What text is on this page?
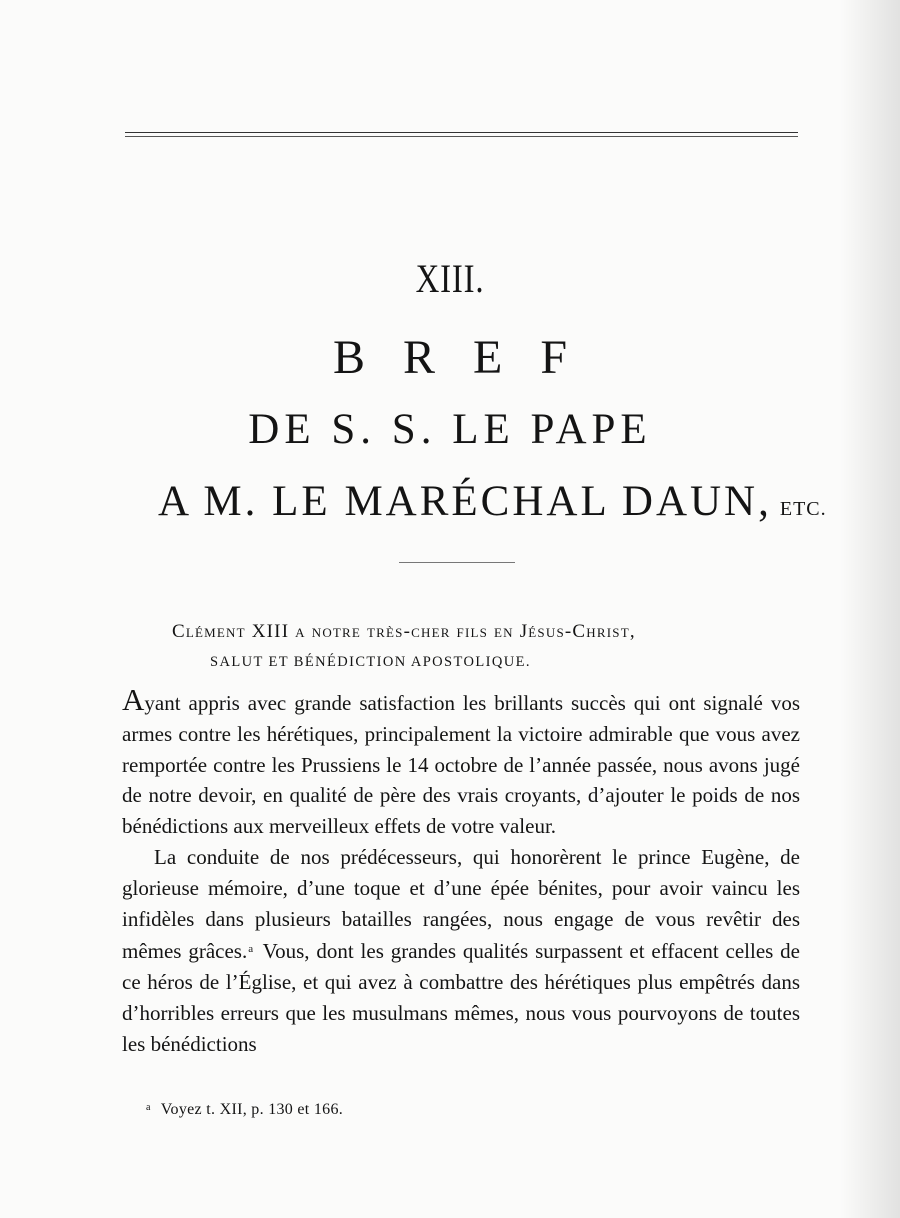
XIII.
BREF
DE S. S. LE PAPE
A M. LE MARÉCHAL DAUN, ETC.
Clément XIII a notre très-cher fils en Jésus-Christ,
SALUT ET BÉNÉDICTION APOSTOLIQUE.

Ayant appris avec grande satisfaction les brillants succès qui ont signalé vos armes contre les hérétiques, principalement la victoire admirable que vous avez remportée contre les Prussiens le 14 octobre de l’année passée, nous avons jugé de notre devoir, en qualité de père des vrais croyants, d’ajouter le poids de nos bénédictions aux merveilleux effets de votre valeur.

La conduite de nos prédécesseurs, qui honorèrent le prince Eugène, de glorieuse mémoire, d’une toque et d’une épée bénites, pour avoir vaincu les infidèles dans plusieurs batailles rangées, nous engage de vous revêtir des mêmes grâces.$^a$ Vous, dont les grandes qualités surpassent et effacent celles de ce héros de l’Église, et qui avez à combattre des hérétiques plus empêtrés dans d’horribles erreurs que les musulmans mêmes, nous vous pourvoyons de toutes les bénédictions

$^a$ Voyez t. XII, p. 130 et 166.
